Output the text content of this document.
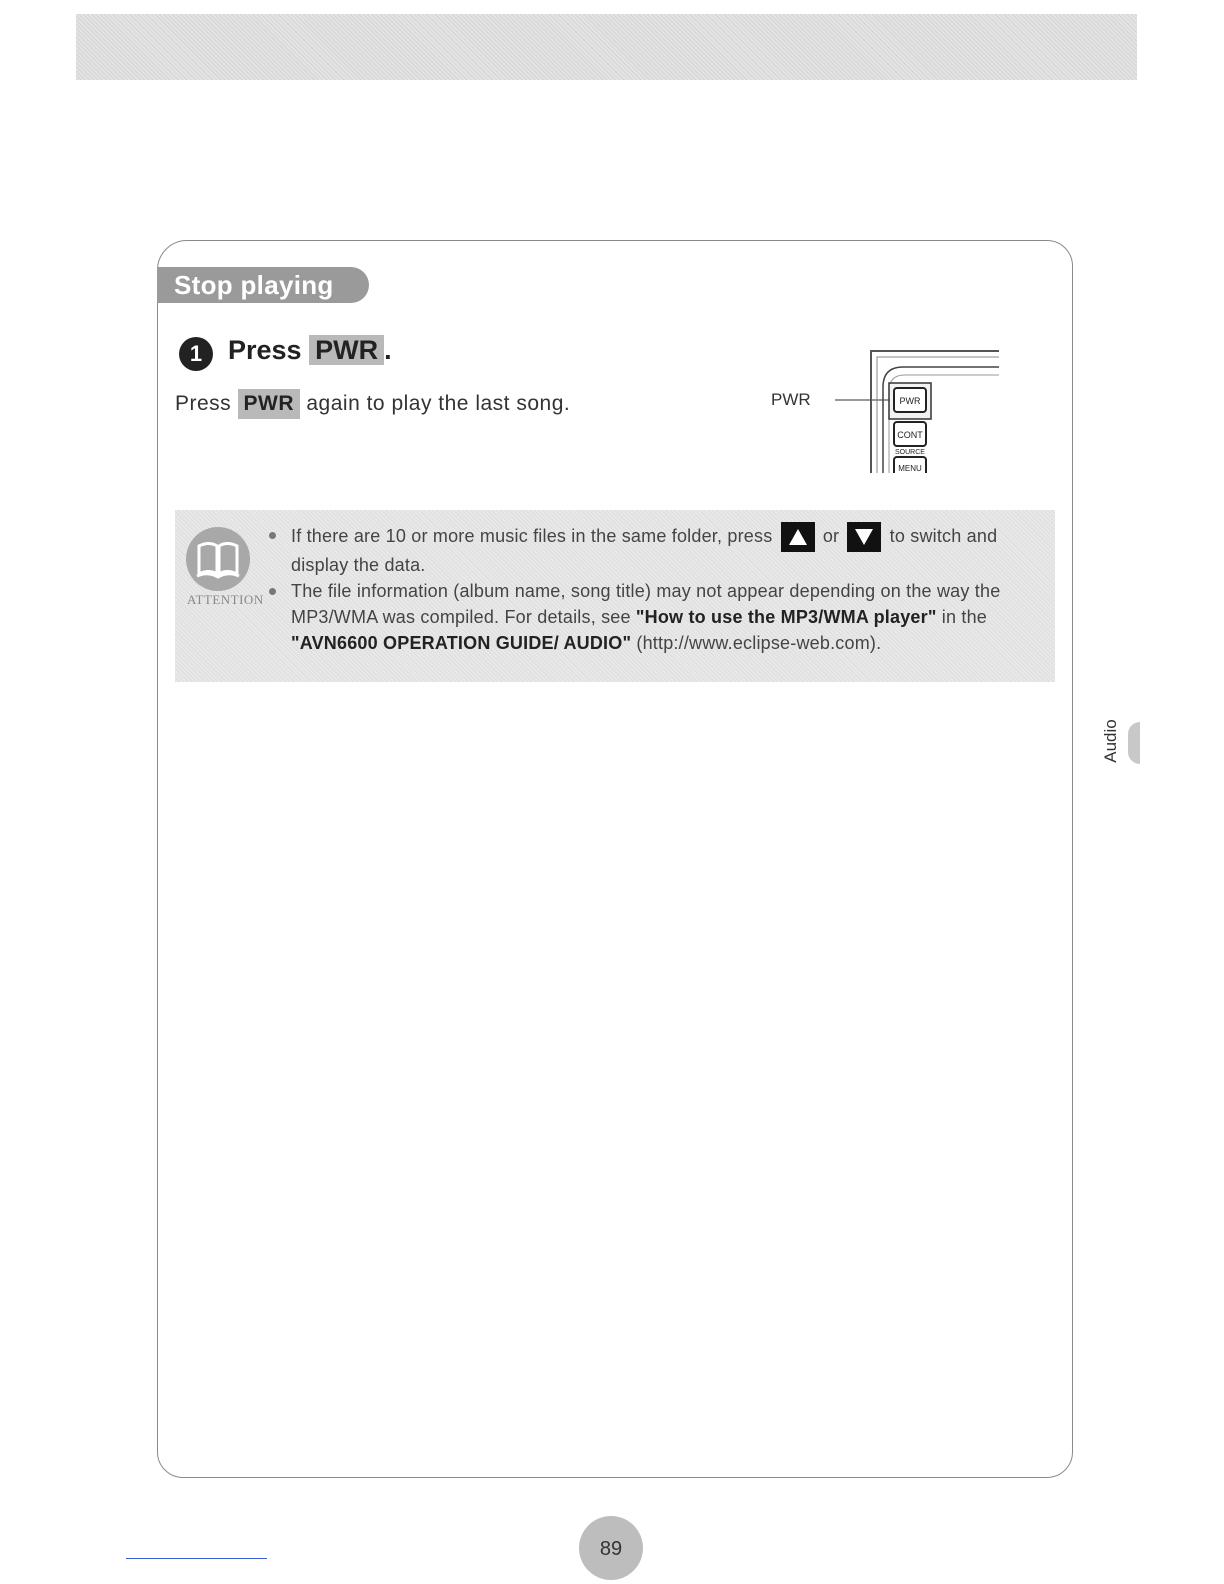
Stop playing
1 Press PWR .
Press PWR again to play the last song.	PWR	PWR
CONT
SOURCE
MENU
ATTENTION
If there are 10 or more music files in the same folder, press	or	to switch and display the data.
The file information (album name, song title) may not appear depending on the way the MP3/WMA was compiled. For details, see "How to use the MP3/WMA player" in the "AVN6600 OPERATION GUIDE/ AUDIO" (http://www.eclipse-web.com).
Audio
89
